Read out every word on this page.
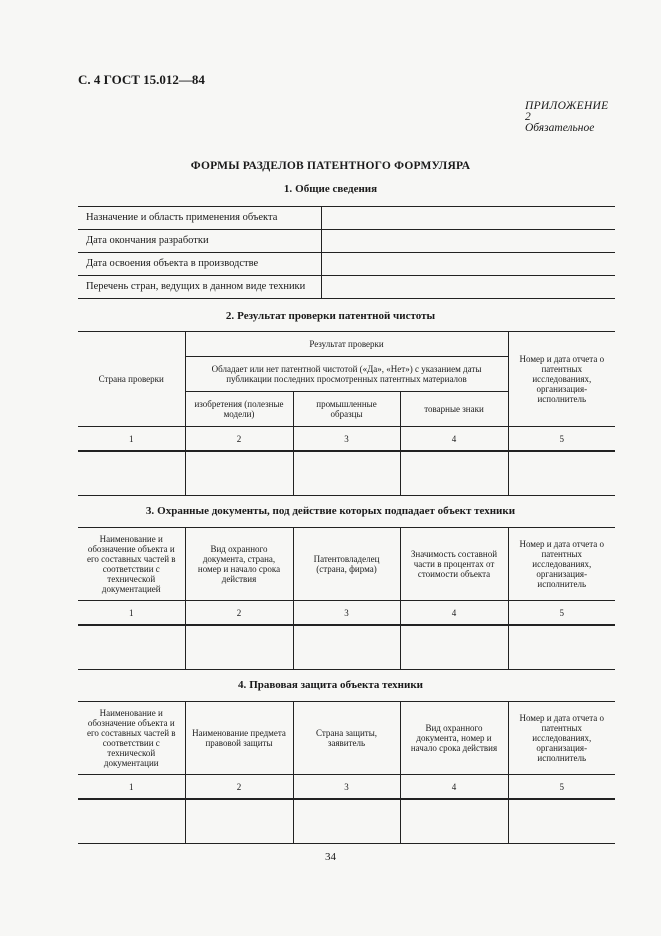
С. 4 ГОСТ 15.012—84
ПРИЛОЖЕНИЕ 2
Обязательное
ФОРМЫ РАЗДЕЛОВ ПАТЕНТНОГО ФОРМУЛЯРА
1. Общие сведения
Назначение и область применения объекта	
Дата окончания разработки	
Дата освоения объекта в производстве	
Перечень стран, ведущих в данном виде техники	
2. Результат проверки патентной чистоты
Страна проверки	Результат проверки			Номер и дата отчета о патентных исследованиях, организация-исполнитель
	Обладает или нет патентной чистотой («Да», «Нет») с указанием даты публикации последних просмотренных патентных материалов			
	изобретения (полезные модели)	промышленные образцы	товарные знаки	
1	2	3	4	5

3. Охранные документы, под действие которых подпадает объект техники
Наименование и обозначение объекта и его составных частей в соответствии с технической документацией	Вид охранного документа, страна, номер и начало срока действия	Патентовладелец (страна, фирма)	Значимость составной части в процентах от стоимости объекта	Номер и дата отчета о патентных исследованиях, организация-исполнитель
1	2	3	4	5

4. Правовая защита объекта техники
Наименование и обозначение объекта и его составных частей в соответствии с технической документации	Наименование предмета правовой защиты	Страна защиты, заявитель	Вид охранного документа, номер и начало срока действия	Номер и дата отчета о патентных исследованиях, организация-исполнитель
1	2	3	4	5

34
